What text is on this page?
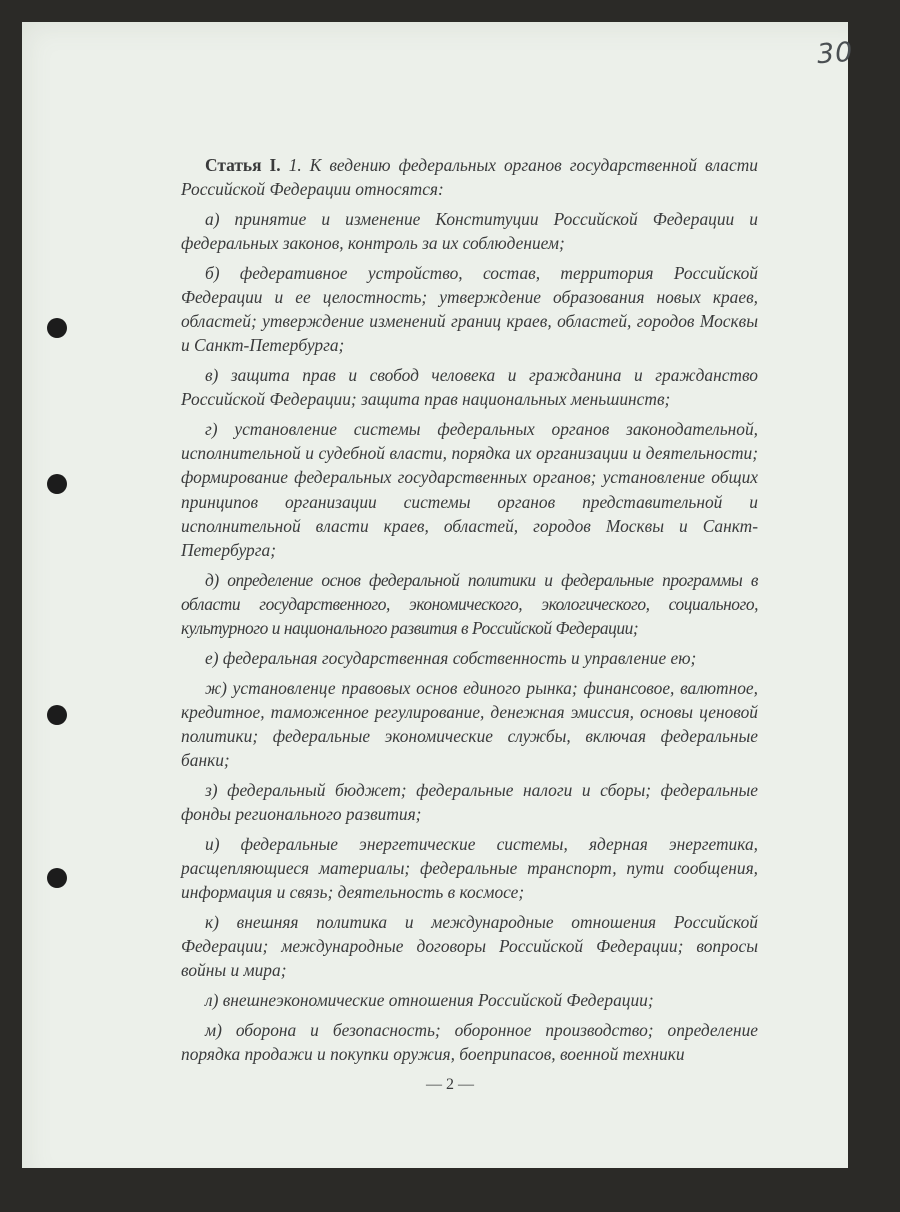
30

Статья I. 1. К ведению федеральных органов государственной власти Российской Федерации относятся:

а) принятие и изменение Конституции Российской Федерации и федеральных законов, контроль за их соблюдением;

б) федеративное устройство, состав, территория Российской Федерации и ее целостность; утверждение образования новых краев, областей; утверждение изменений границ краев, областей, городов Москвы и Санкт-Петербурга;

в) защита прав и свобод человека и гражданина и гражданство Российской Федерации; защита прав национальных меньшинств;

г) установление системы федеральных органов законодательной, исполнительной и судебной власти, порядка их организации и деятельности; формирование федеральных государственных органов; установление общих принципов организации системы органов представительной и исполнительной власти краев, областей, городов Москвы и Санкт-Петербурга;

д) определение основ федеральной политики и федеральные программы в области государственного, экономического, экологического, социального, культурного и национального развития в Российской Федерации;

е) федеральная государственная собственность и управление ею;

ж) установленце правовых основ единого рынка; финансовое, валютное, кредитное, таможенное регулирование, денежная эмиссия, основы ценовой политики; федеральные экономические службы, включая федеральные банки;

з) федеральный бюджет; федеральные налоги и сборы; федеральные фонды регионального развития;

и) федеральные энергетические системы, ядерная энергетика, расщепляющиеся материалы; федеральные транспорт, пути сообщения, информация и связь; деятельность в космосе;

к) внешняя политика и международные отношения Российской Федерации; международные договоры Российской Федерации; вопросы войны и мира;

л) внешнеэкономические отношения Российской Федерации;

м) оборона и безопасность; оборонное производство; определение порядка продажи и покупки оружия, боеприпасов, военной техники

— 2 —
